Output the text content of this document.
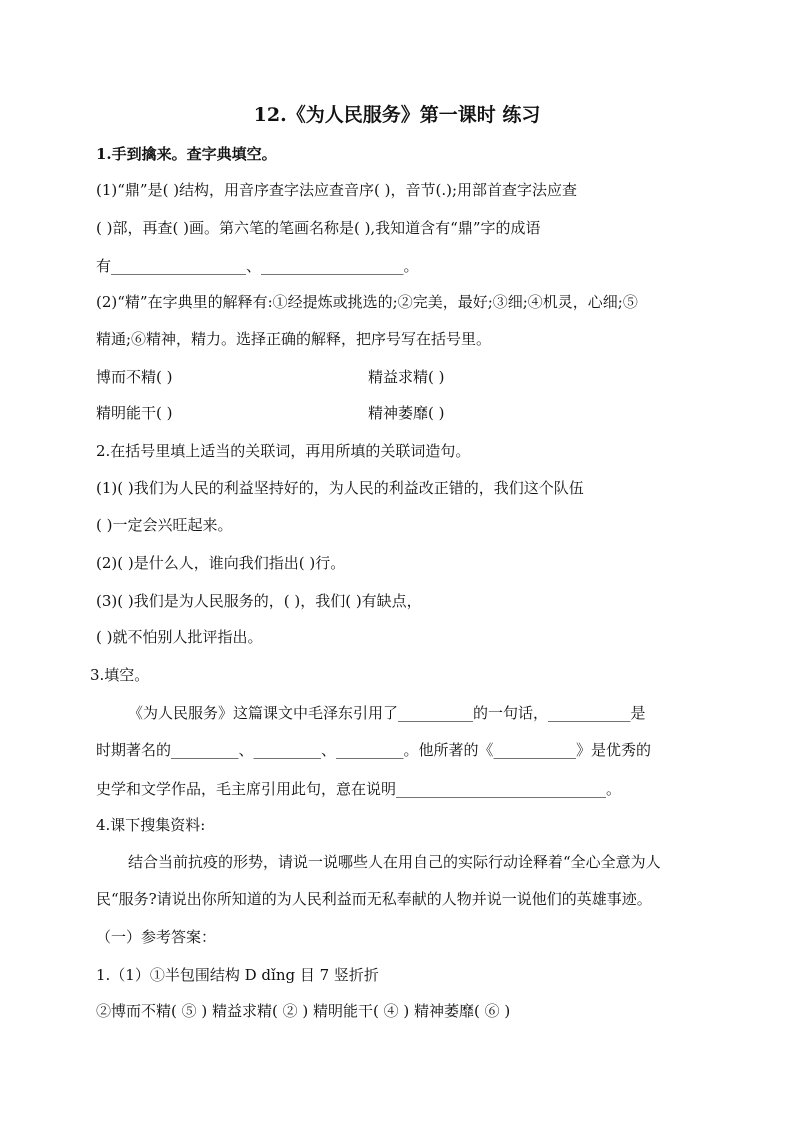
12.《为人民服务》第一课时 练习
1.手到擒来。查字典填空。
(1)“鼎”是( )结构，用音序查字法应查音序( )，音节(.);用部首查字法应查
( )部，再查( )画。第六笔的笔画名称是( ),我知道含有“鼎”字的成语
有__________________、___________________。
(2)“精”在字典里的解释有:①经提炼或挑选的;②完美，最好;③细;④机灵，心细;⑤
精通;⑥精神，精力。选择正确的解释，把序号写在括号里。
博而不精( )	精益求精( )
精明能干( )	精神萎靡( )
2.在括号里填上适当的关联词，再用所填的关联词造句。
(1)( )我们为人民的利益坚持好的，为人民的利益改正错的，我们这个队伍
( )一定会兴旺起来。
(2)( )是什么人，谁向我们指出( )行。
(3)( )我们是为人民服务的，( )，我们( )有缺点，
( )就不怕别人批评指出。
3.填空。
《为人民服务》这篇课文中毛泽东引用了__________的一句话，___________是
时期著名的_________、_________、_________。他所著的《___________》是优秀的
史学和文学作品，毛主席引用此句，意在说明____________________________。
4.课下搜集资料:
结合当前抗疫的形势，请说一说哪些人在用自己的实际行动诠释着“全心全意为人
民“服务?请说出你所知道的为人民利益而无私奉献的人物并说一说他们的英雄事迹。
（一）参考答案：
1.（1）①半包围结构 D dǐng 目 7 竖折折
②博而不精( ⑤ ) 精益求精( ② ) 精明能干( ④ ) 精神萎靡( ⑥ )
